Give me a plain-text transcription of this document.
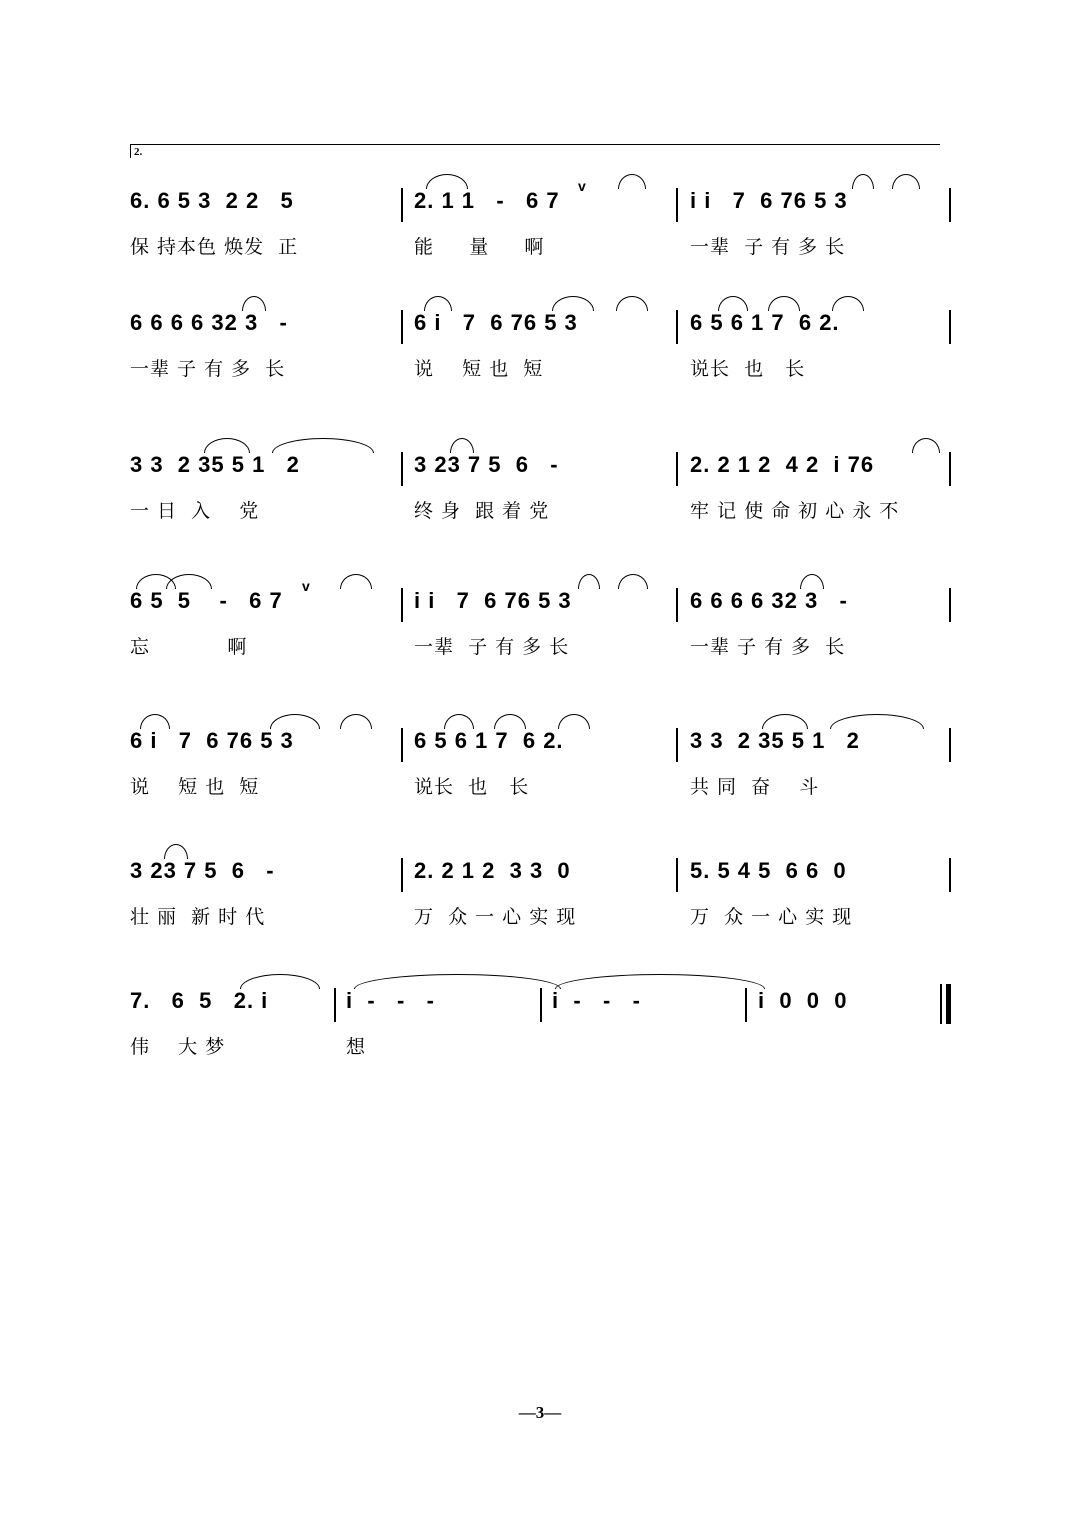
2.
6. 6 5 3  2 2   5
保 持本色 焕发  正
2. 1 1   -   6 7
能     量     啊
v
i i   7  6 76 5 3
一辈  子 有 多 长
6 6 6 6 32 3   -
一辈 子 有 多  长
6 i   7  6 76 5 3
说    短 也  短
6 5 6 1 7  6 2.
说长  也   长
3 3  2 35 5 1   2
一 日  入    党
3 23 7 5  6   -
终 身  跟 着 党
2. 2 1 2  4 2  i 76
牢 记 使 命 初 心 永 不
6 5  5    -   6 7
忘           啊
v
i i   7  6 76 5 3
一辈  子 有 多 长
6 6 6 6 32 3   -
一辈 子 有 多  长
6 i   7  6 76 5 3
说    短 也  短
6 5 6 1 7  6 2.
说长  也   长
3 3  2 35 5 1   2
共 同  奋    斗
3 23 7 5  6   -
壮 丽  新 时 代
2. 2 1 2  3 3  0
万  众 一 心 实 现
5. 5 4 5  6 6  0
万  众 一 心 实 现
7.   6  5   2. i
伟    大 梦
i  -   -   -
想
i  -   -   -	i  0  0  0
—3—
